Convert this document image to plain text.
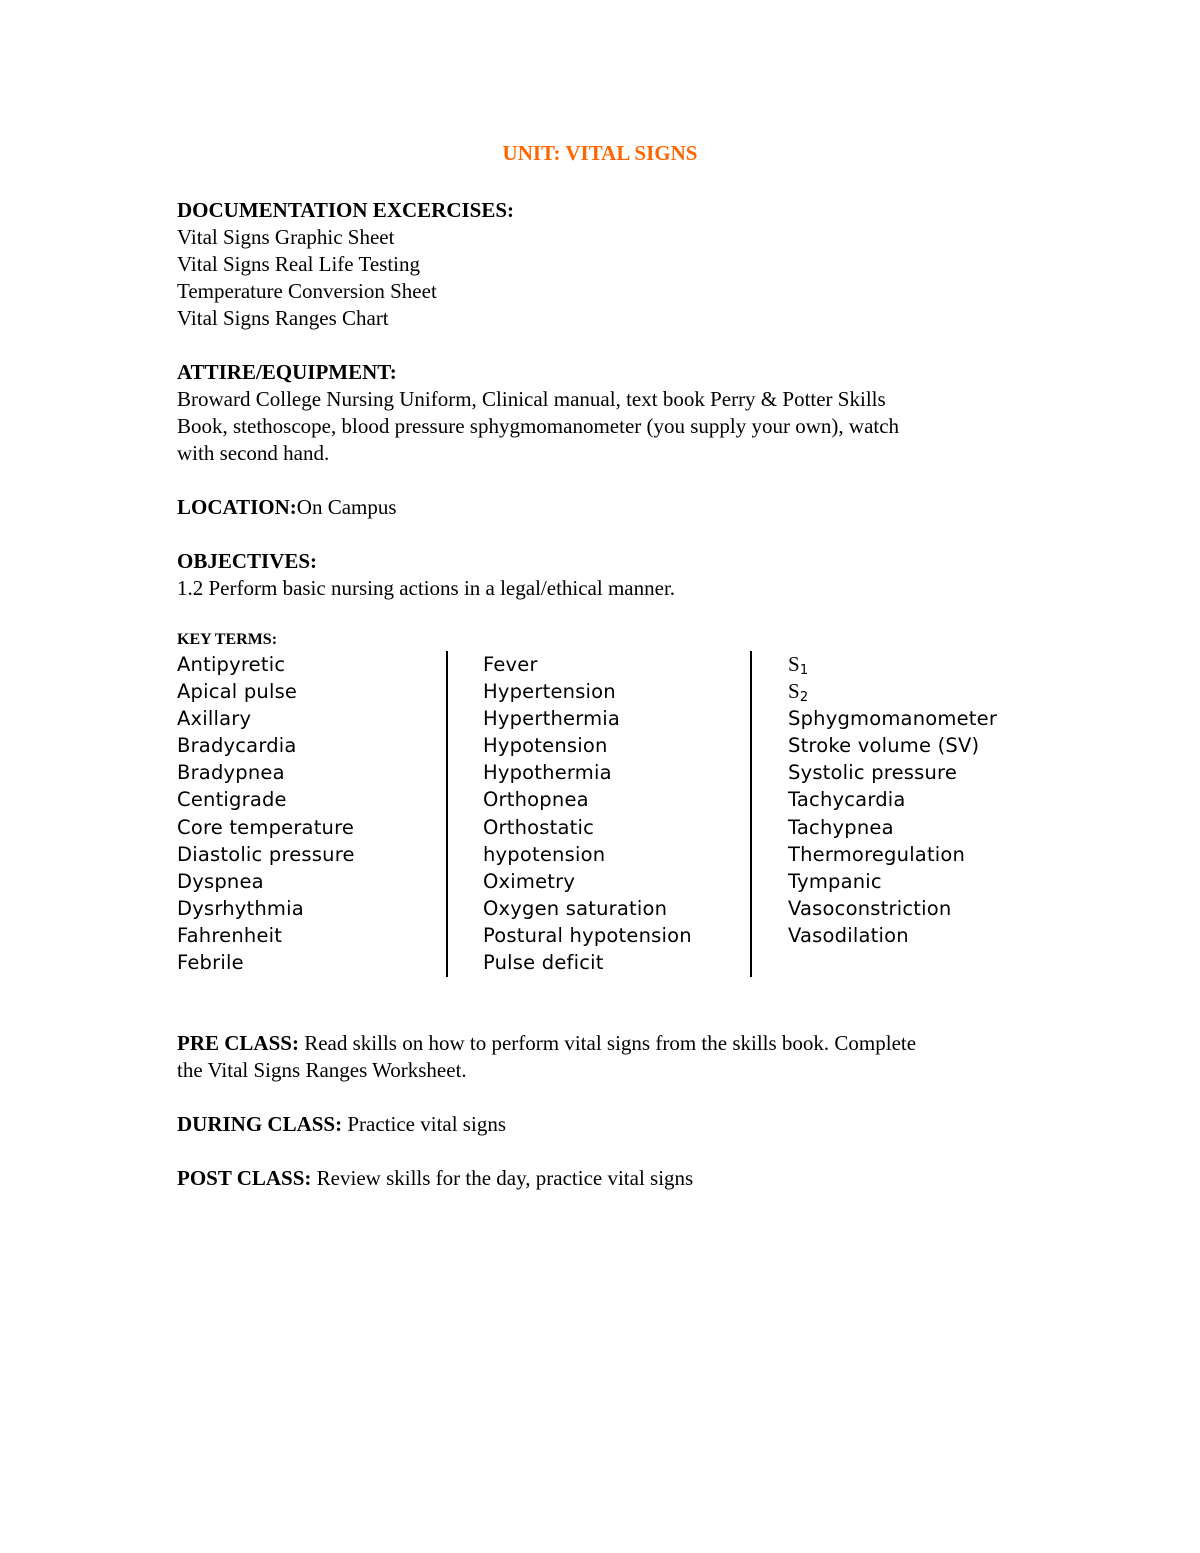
UNIT: VITAL SIGNS
DOCUMENTATION EXCERCISES:
Vital Signs Graphic Sheet
Vital Signs Real Life Testing
Temperature Conversion Sheet
Vital Signs Ranges Chart
ATTIRE/EQUIPMENT:
Broward College Nursing Uniform, Clinical manual, text book Perry & Potter Skills
Book, stethoscope, blood pressure sphygmomanometer (you supply your own), watch
with second hand.
LOCATION:On Campus
OBJECTIVES:
1.2 Perform basic nursing actions in a legal/ethical manner.
KEY TERMS:
Antipyretic
Apical pulse
Axillary
Bradycardia
Bradypnea
Centigrade
Core temperature
Diastolic pressure
Dyspnea
Dysrhythmia
Fahrenheit
Febrile
Fever
Hypertension
Hyperthermia
Hypotension
Hypothermia
Orthopnea
Orthostatic
hypotension
Oximetry
Oxygen saturation
Postural hypotension
Pulse deficit
$S_1$
$S_2$
Sphygmomanometer
Stroke volume (SV)
Systolic pressure
Tachycardia
Tachypnea
Thermoregulation
Tympanic
Vasoconstriction
Vasodilation
PRE CLASS: Read skills on how to perform vital signs from the skills book. Complete
the Vital Signs Ranges Worksheet.
DURING CLASS: Practice vital signs
POST CLASS: Review skills for the day, practice vital signs
